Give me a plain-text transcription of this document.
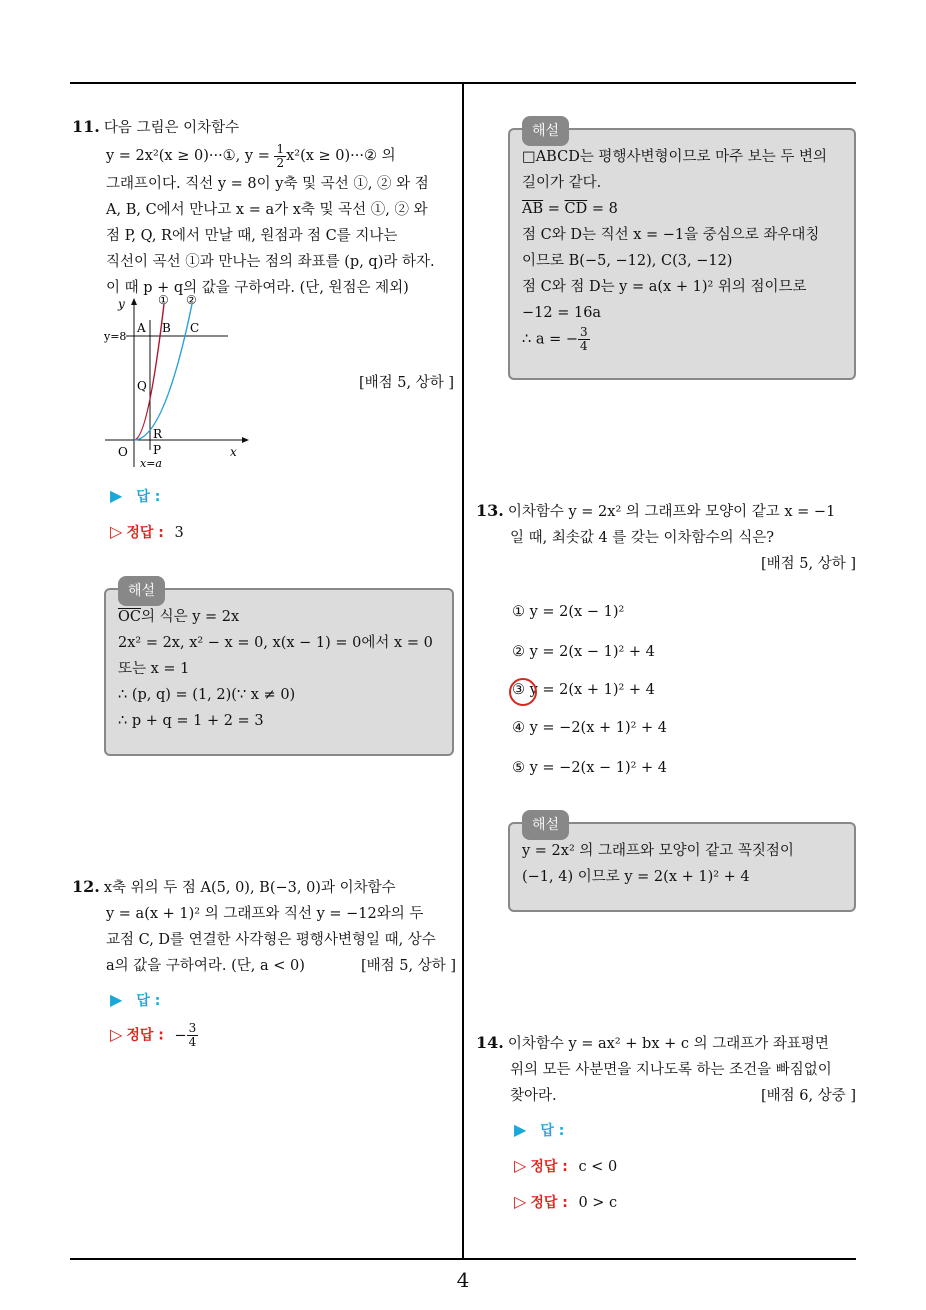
11. 다음 그림은 이차함수
y = 2x²(x ≥ 0)···①, $y = \frac{1}{2} x^2(x$ ≥ 0)···② 의
그래프이다. 직선 y = 8이 y축 및 곡선 ①, ② 와 점
A, B, C에서 만나고 x = a가 x축 및 곡선 ①, ② 와
점 P, Q, R에서 만날 때, 원점과 점 C를 지나는
직선이 곡선 ①과 만나는 점의 좌표를 (p, q)라 하자.
이 때 p + q의 값을 구하여라. (단, 원점은 제외)
y
x
O
y=8
① ②
A B C
Q
R
P
x=a
[배점 5, 상하 ]
▶ 답 :
▷ 정답 : 3
해설
$\overline{OC}$의 식은 y = 2x
2x² = 2x, x² − x = 0, x(x − 1) = 0에서 x = 0
또는 x = 1
∴ (p, q) = (1, 2)(∵ x ≠ 0)
∴ p + q = 1 + 2 = 3
12. x축 위의 두 점 A(5, 0), B(−3, 0)과 이차함수
y = a(x + 1)² 의 그래프와 직선 y = −12와의 두
교점 C, D를 연결한 사각형은 평행사변형일 때, 상수
a의 값을 구하여라. (단, a < 0)	[배점 5, 상하 ]
▶ 답 :
▷ 정답 : − $\frac{3}{4}$
해설
□ABCD는 평행사변형이므로 마주 보는 두 변의
길이가 같다.
$\overline{AB} = \overline{CD} = 8$
점 C와 D는 직선 x = −1을 중심으로 좌우대칭
이므로 B(−5, −12), C(3, −12)
점 C와 점 D는 y = a(x + 1)² 위의 점이므로
−12 = 16a
∴ a = − $\frac{3}{4}$
13. 이차함수 y = 2x² 의 그래프와 모양이 같고 x = −1
일 때, 최솟값 4 를 갖는 이차함수의 식은?
[배점 5, 상하 ]
① y = 2(x − 1)²
② y = 2(x − 1)² + 4
③ y = 2(x + 1)² + 4
④ y = −2(x + 1)² + 4
⑤ y = −2(x − 1)² + 4
해설
y = 2x² 의 그래프와 모양이 같고 꼭짓점이
(−1, 4) 이므로 y = 2(x + 1)² + 4
14. 이차함수 y = ax² + bx + c 의 그래프가 좌표평면
위의 모든 사분면을 지나도록 하는 조건을 빠짐없이
찾아라.	[배점 6, 상중 ]
▶ 답 :
▷ 정답 : c < 0
▷ 정답 : 0 > c
4
